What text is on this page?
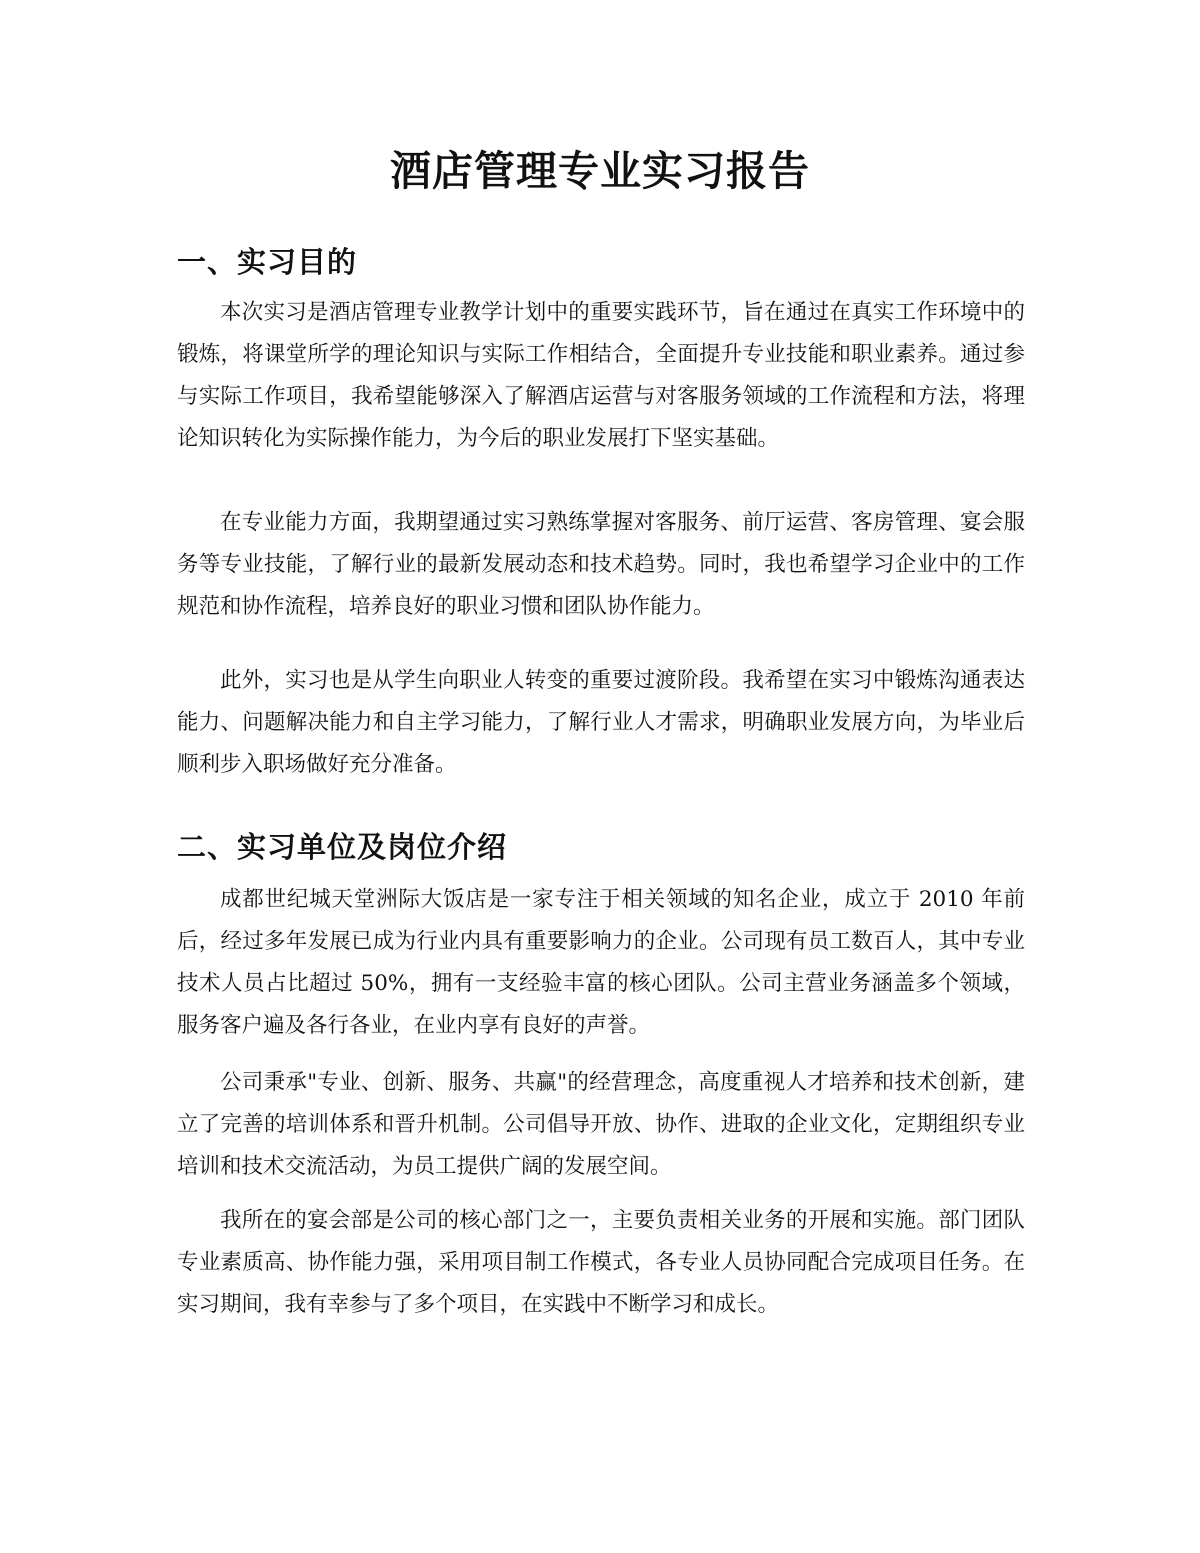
酒店管理专业实习报告
一、实习目的

本次实习是酒店管理专业教学计划中的重要实践环节，旨在通过在真实工作环境中的锻炼，将课堂所学的理论知识与实际工作相结合，全面提升专业技能和职业素养。通过参与实际工作项目，我希望能够深入了解酒店运营与对客服务领域的工作流程和方法，将理论知识转化为实际操作能力，为今后的职业发展打下坚实基础。

在专业能力方面，我期望通过实习熟练掌握对客服务、前厅运营、客房管理、宴会服务等专业技能，了解行业的最新发展动态和技术趋势。同时，我也希望学习企业中的工作规范和协作流程，培养良好的职业习惯和团队协作能力。

此外，实习也是从学生向职业人转变的重要过渡阶段。我希望在实习中锻炼沟通表达能力、问题解决能力和自主学习能力，了解行业人才需求，明确职业发展方向，为毕业后顺利步入职场做好充分准备。

二、实习单位及岗位介绍

成都世纪城天堂洲际大饭店是一家专注于相关领域的知名企业，成立于 2010 年前后，经过多年发展已成为行业内具有重要影响力的企业。公司现有员工数百人，其中专业技术人员占比超过 50%，拥有一支经验丰富的核心团队。公司主营业务涵盖多个领域，服务客户遍及各行各业，在业内享有良好的声誉。

公司秉承"专业、创新、服务、共赢"的经营理念，高度重视人才培养和技术创新，建立了完善的培训体系和晋升机制。公司倡导开放、协作、进取的企业文化，定期组织专业培训和技术交流活动，为员工提供广阔的发展空间。

我所在的宴会部是公司的核心部门之一，主要负责相关业务的开展和实施。部门团队专业素质高、协作能力强，采用项目制工作模式，各专业人员协同配合完成项目任务。在实习期间，我有幸参与了多个项目，在实践中不断学习和成长。
